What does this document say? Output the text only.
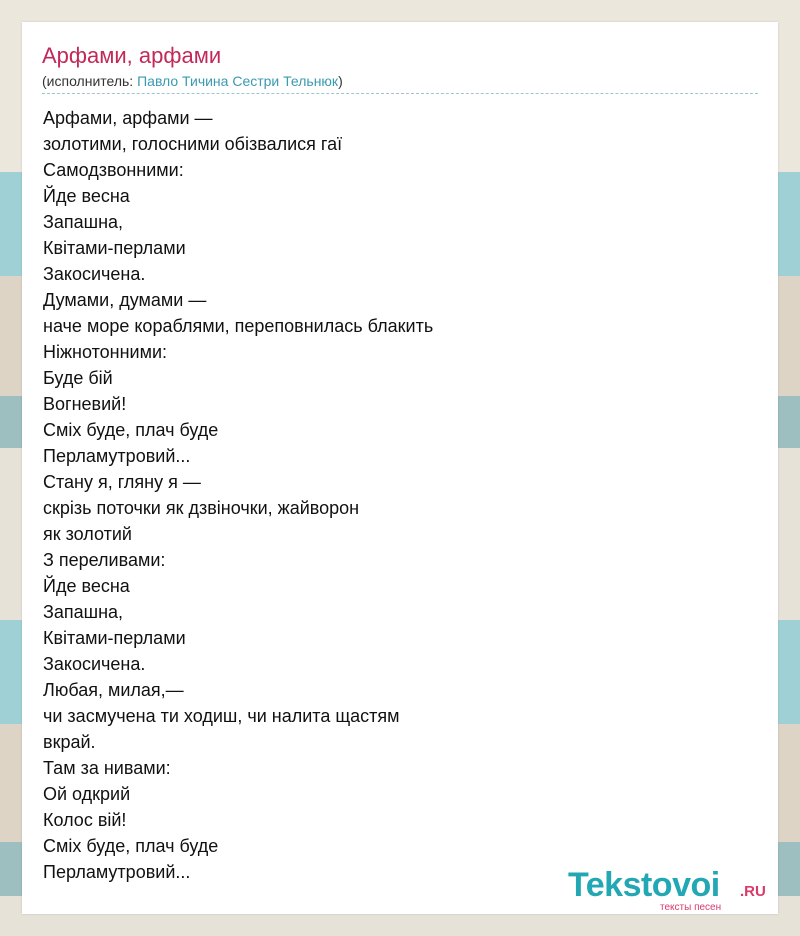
Арфами, арфами
(исполнитель: Павло Тичина Сестри Тельнюк)
Арфами, арфами —
золотими, голосними обізвалися гаї
Самодзвонними:
Йде весна
Запашна,
Квітами-перлами
Закосичена.
Думами, думами —
наче море кораблями, переповнилась блакить
Ніжнотонними:
Буде бій
Вогневий!
Сміх буде, плач буде
Перламутровий...
Стану я, гляну я —
скрізь поточки як дзвіночки, жайворон
як золотий
З переливами:
Йде весна
Запашна,
Квітами-перлами
Закосичена.
Любая, милая,—
чи засмучена ти ходиш, чи налита щастям
вкрай.
Там за нивами:
Ой одкрий
Колос вій!
Сміх буде, плач буде
Перламутровий...	Tekstovoi .RU
тексты песен
